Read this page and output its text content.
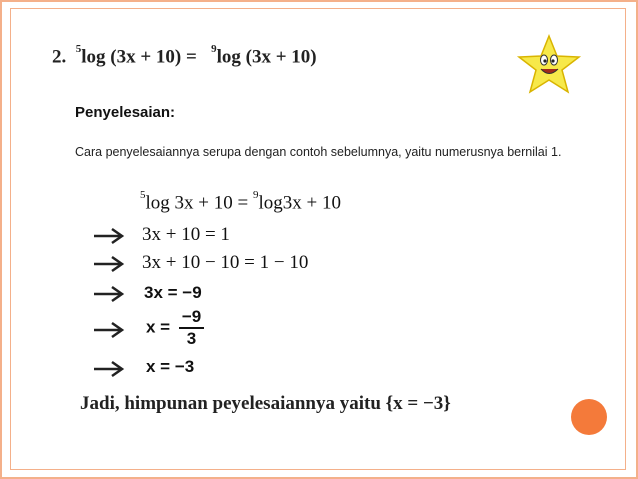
2. $^5$log (3x + 10) = $^9$log (3x + 10)
Penyelesaian:
Cara penyelesaiannya serupa dengan contoh sebelumnya, yaitu numerusnya bernilai 1.
$^5$log 3x + 10 = $^9$log3x + 10
3x + 10 = 1
3x + 10 − 10 = 1 − 10
3x = −9
$x = \frac{-9}{3}$
x = −3
Jadi, himpunan peyelesaiannya yaitu {x = −3}
